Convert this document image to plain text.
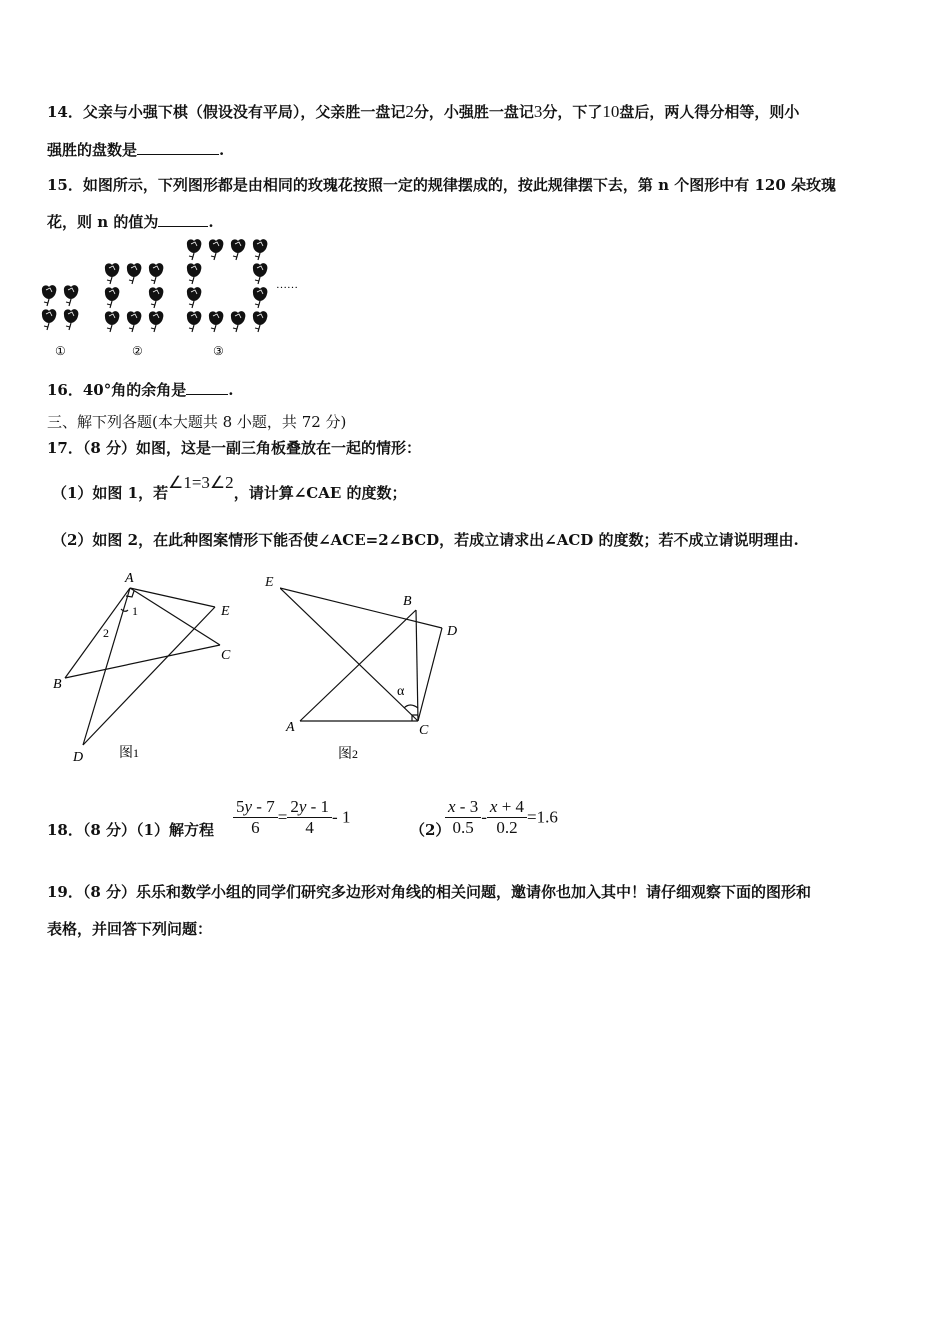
14．父亲与小强下棋（假设没有平局），父亲胜一盘记2分，小强胜一盘记3分，下了10盘后，两人得分相等，则小
强胜的盘数是	.
15．如图所示，下列图形都是由相同的玫瑰花按照一定的规律摆成的，按此规律摆下去，第 n 个图形中有 120 朵玫瑰
花，则 n 的值为	.
……
①	②	③
16．40°角的余角是	.
三、解下列各题(本大题共 8 小题，共 72 分)
17．（8 分）如图，这是一副三角板叠放在一起的情形：
（1）如图 1，若∠1=3∠2，请计算∠CAE 的度数；
（2）如图 2，在此种图案情形下能否使∠ACE=2∠BCD，若成立请求出∠ACD 的度数；若不成立请说明理由.
A
E
C
B
D
1
2
图1
B
D
A	C
α
图2
E
18．（8 分）（1）解方程 $\frac{5y - 7}{6} = \frac{2y - 1}{4} - 1$
（2）
$\frac{x - 3}{0.5} - \frac{x + 4}{0.2} =1.6$
19．（8 分）乐乐和数学小组的同学们研究多边形对角线的相关问题，邀请你也加入其中！请仔细观察下面的图形和
表格，并回答下列问题：
